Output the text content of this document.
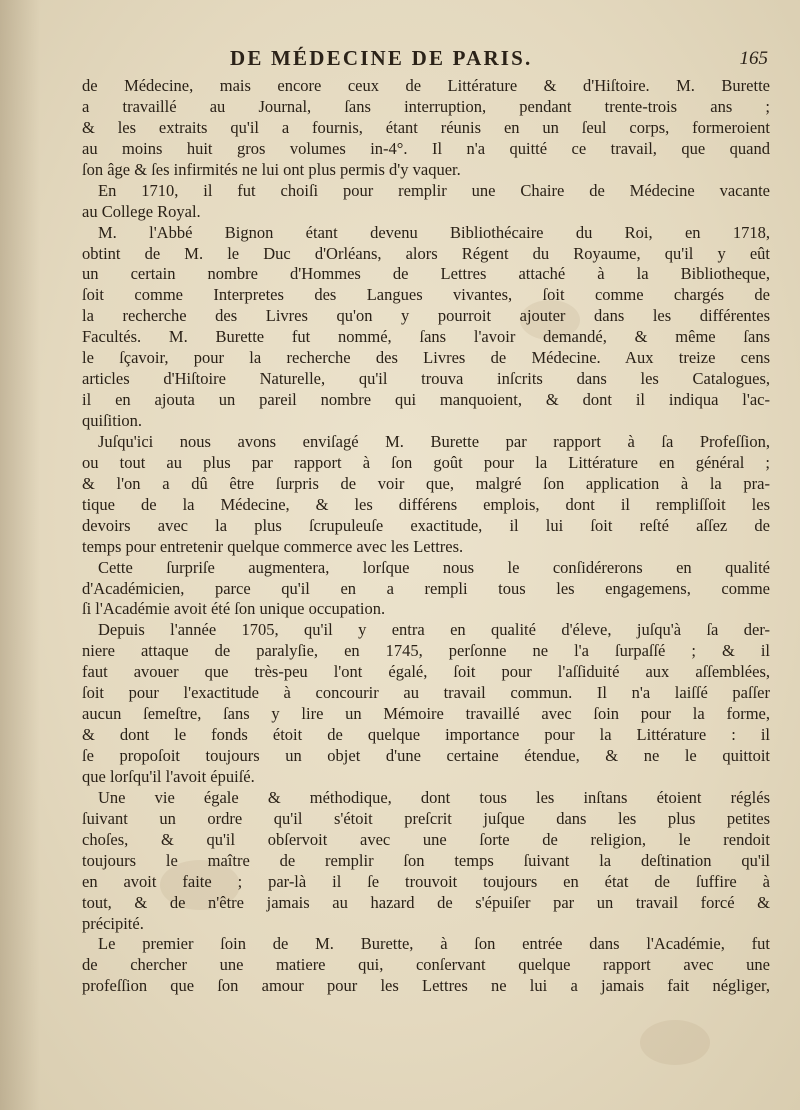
DE MÉDECINE DE PARIS.	165
de Médecine, mais encore ceux de Littérature & d'Hiſtoire. M. Burette
a travaillé au Journal, ſans interruption, pendant trente-trois ans ;
& les extraits qu'il a fournis, étant réunis en un ſeul corps, formeroient
au moins huit gros volumes in-4°. Il n'a quitté ce travail, que quand
ſon âge & ſes infirmités ne lui ont plus permis d'y vaquer.
En 1710, il fut choiſi pour remplir une Chaire de Médecine vacante
au College Royal.
M. l'Abbé Bignon étant devenu Bibliothécaire du Roi, en 1718,
obtint de M. le Duc d'Orléans, alors Régent du Royaume, qu'il y eût
un certain nombre d'Hommes de Lettres attaché à la Bibliotheque,
ſoit comme Interpretes des Langues vivantes, ſoit comme chargés de
la recherche des Livres qu'on y pourroit ajouter dans les différentes
Facultés. M. Burette fut nommé, ſans l'avoir demandé, & même ſans
le ſçavoir, pour la recherche des Livres de Médecine. Aux treize cens
articles d'Hiſtoire Naturelle, qu'il trouva inſcrits dans les Catalogues,
il en ajouta un pareil nombre qui manquoient, & dont il indiqua l'ac-
quiſition.
Juſqu'ici nous avons enviſagé M. Burette par rapport à ſa Profeſſion,
ou tout au plus par rapport à ſon goût pour la Littérature en général ;
& l'on a dû être ſurpris de voir que, malgré ſon application à la pra-
tique de la Médecine, & les différens emplois, dont il rempliſſoit les
devoirs avec la plus ſcrupuleuſe exactitude, il lui ſoit reſté aſſez de
temps pour entretenir quelque commerce avec les Lettres.
Cette ſurpriſe augmentera, lorſque nous le conſidérerons en qualité
d'Académicien, parce qu'il en a rempli tous les engagemens, comme
ſi l'Académie avoit été ſon unique occupation.
Depuis l'année 1705, qu'il y entra en qualité d'éleve, juſqu'à ſa der-
niere attaque de paralyſie, en 1745, perſonne ne l'a ſurpaſſé ; & il
faut avouer que très-peu l'ont égalé, ſoit pour l'aſſiduité aux aſſemblées,
ſoit pour l'exactitude à concourir au travail commun. Il n'a laiſſé paſſer
aucun ſemeſtre, ſans y lire un Mémoire travaillé avec ſoin pour la forme,
& dont le fonds étoit de quelque importance pour la Littérature : il
ſe propoſoit toujours un objet d'une certaine étendue, & ne le quittoit
que lorſqu'il l'avoit épuiſé.
Une vie égale & méthodique, dont tous les inſtans étoient réglés
ſuivant un ordre qu'il s'étoit preſcrit juſque dans les plus petites
choſes, & qu'il obſervoit avec une ſorte de religion, le rendoit
toujours le maître de remplir ſon temps ſuivant la deſtination qu'il
en avoit faite ; par-là il ſe trouvoit toujours en état de ſuffire à
tout, & de n'être jamais au hazard de s'épuiſer par un travail forcé &
précipité.
Le premier ſoin de M. Burette, à ſon entrée dans l'Académie, fut
de chercher une matiere qui, conſervant quelque rapport avec une
profeſſion que ſon amour pour les Lettres ne lui a jamais fait négliger,
